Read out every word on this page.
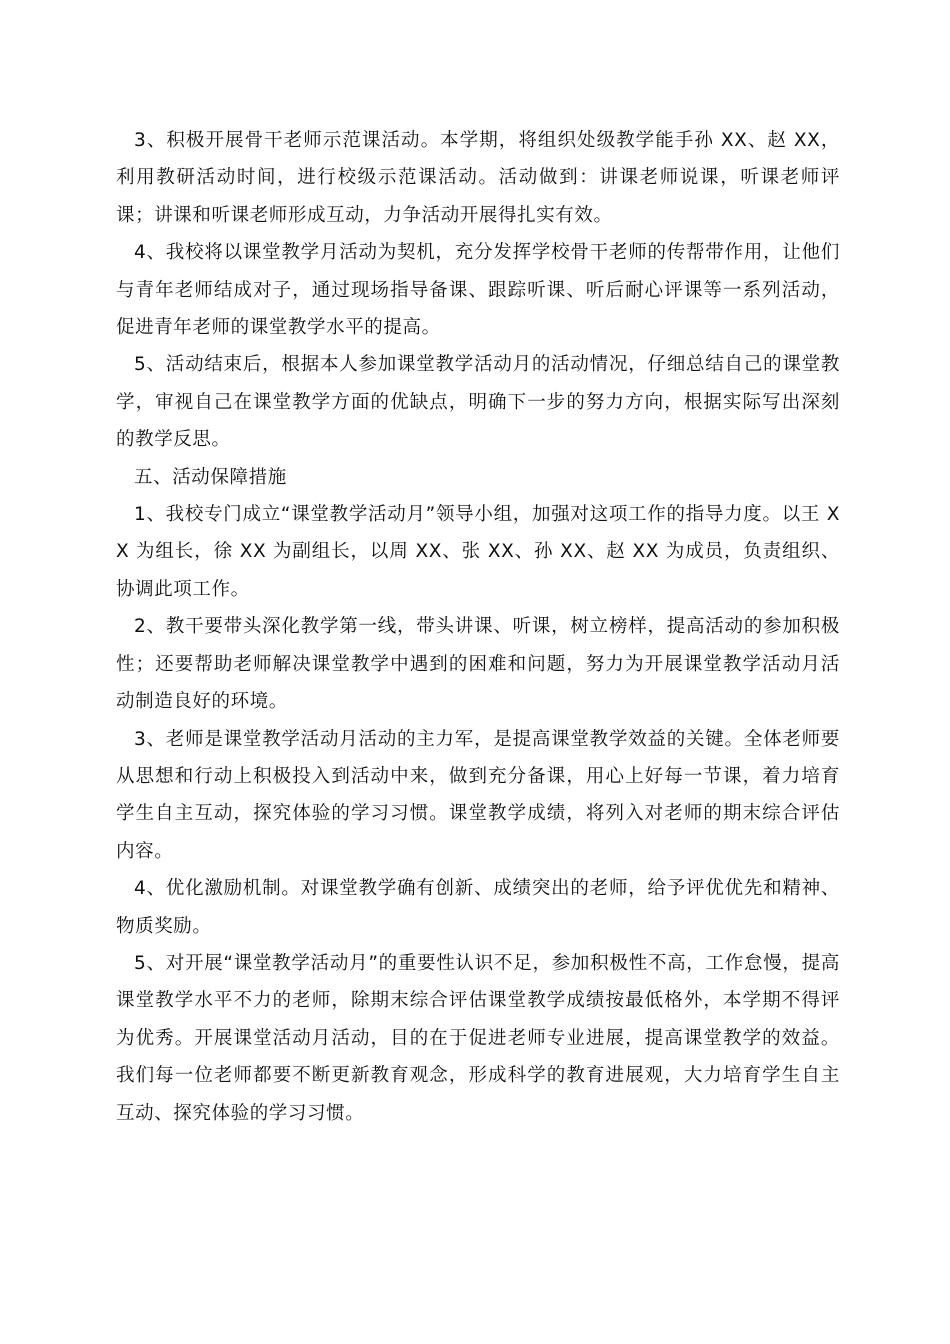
3、积极开展骨干老师示范课活动。本学期，将组织处级教学能手孙 XX、赵 XX，利用教研活动时间，进行校级示范课活动。活动做到：讲课老师说课，听课老师评课；讲课和听课老师形成互动，力争活动开展得扎实有效。

4、我校将以课堂教学月活动为契机，充分发挥学校骨干老师的传帮带作用，让他们与青年老师结成对子，通过现场指导备课、跟踪听课、听后耐心评课等一系列活动，促进青年老师的课堂教学水平的提高。

5、活动结束后，根据本人参加课堂教学活动月的活动情况，仔细总结自己的课堂教学，审视自己在课堂教学方面的优缺点，明确下一步的努力方向，根据实际写出深刻的教学反思。

五、活动保障措施

1、我校专门成立“课堂教学活动月”领导小组，加强对这项工作的指导力度。以王 XX 为组长，徐 XX 为副组长，以周 XX、张 XX、孙 XX、赵 XX 为成员，负责组织、协调此项工作。

2、教干要带头深化教学第一线，带头讲课、听课，树立榜样，提高活动的参加积极性；还要帮助老师解决课堂教学中遇到的困难和问题，努力为开展课堂教学活动月活动制造良好的环境。

3、老师是课堂教学活动月活动的主力军，是提高课堂教学效益的关键。全体老师要从思想和行动上积极投入到活动中来，做到充分备课，用心上好每一节课，着力培育学生自主互动，探究体验的学习习惯。课堂教学成绩，将列入对老师的期末综合评估内容。

4、优化激励机制。对课堂教学确有创新、成绩突出的老师，给予评优优先和精神、物质奖励。

5、对开展“课堂教学活动月”的重要性认识不足，参加积极性不高，工作怠慢，提高课堂教学水平不力的老师，除期末综合评估课堂教学成绩按最低格外，本学期不得评为优秀。开展课堂活动月活动，目的在于促进老师专业进展，提高课堂教学的效益。我们每一位老师都要不断更新教育观念，形成科学的教育进展观，大力培育学生自主互动、探究体验的学习习惯。
